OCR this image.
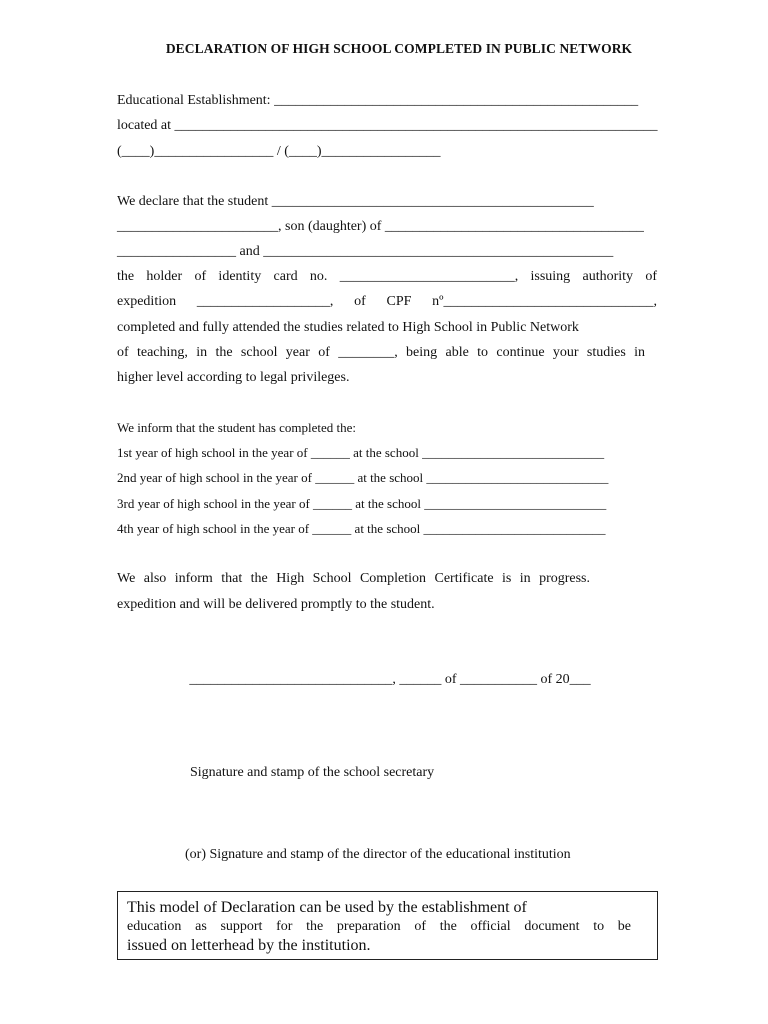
DECLARATION OF HIGH SCHOOL COMPLETED IN PUBLIC NETWORK
Educational Establishment: ____________________________________________________
located at _____________________________________________________________________
(____)_________________ / (____)_________________
We declare that the student ______________________________________________
_______________________, son (daughter) of _____________________________________
_________________ and __________________________________________________
the holder of identity card no. _________________________, issuing authority of
expedition ___________________, of CPF nº______________________________,
completed and fully attended the studies related to High School in Public Network
of teaching, in the school year of ________, being able to continue your studies in
higher level according to legal privileges.
We inform that the student has completed the:
1st year of high school in the year of ______ at the school ____________________________
2nd year of high school in the year of ______ at the school ____________________________
3rd year of high school in the year of ______ at the school ____________________________
4th year of high school in the year of ______ at the school ____________________________
We also inform that the High School Completion Certificate is in progress.
expedition and will be delivered promptly to the student.
_____________________________, ______ of ___________ of 20___
Signature and stamp of the school secretary
(or) Signature and stamp of the director of the educational institution
This model of Declaration can be used by the establishment of
education as support for the preparation of the official document to be
issued on letterhead by the institution.
